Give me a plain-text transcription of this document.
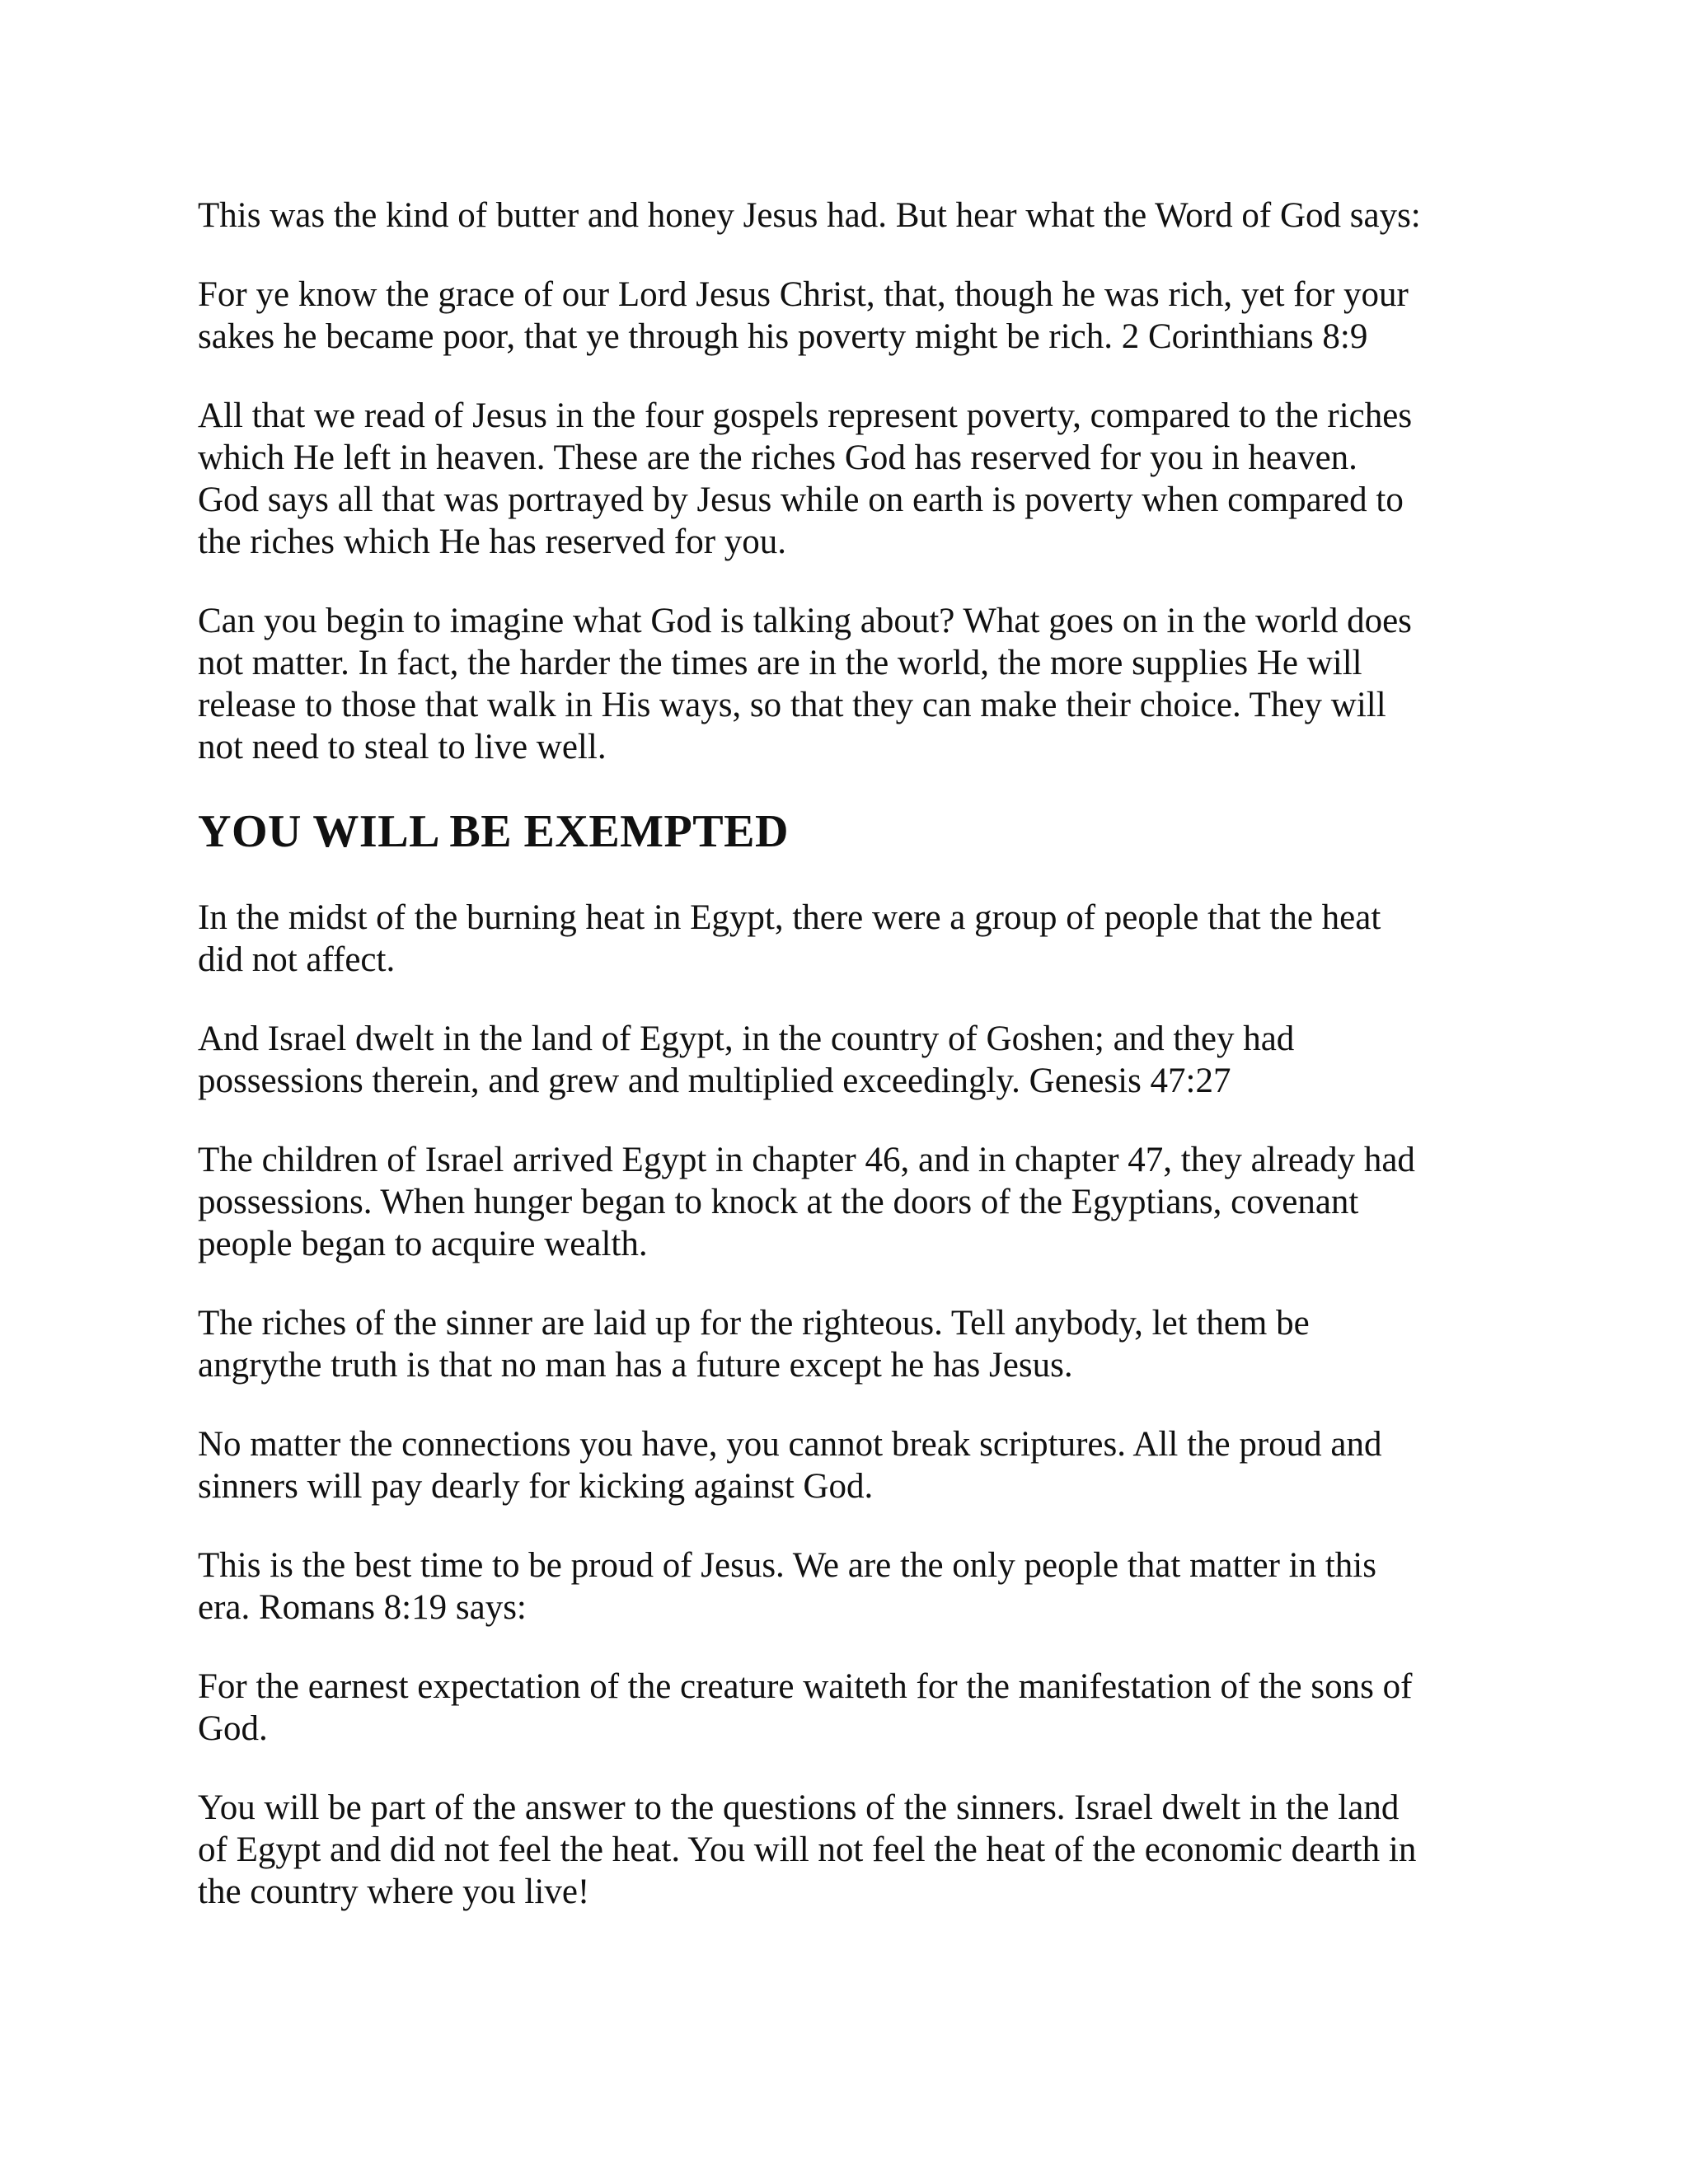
This was the kind of butter and honey Jesus had. But hear what the Word of God says:

For ye know the grace of our Lord Jesus Christ, that, though he was rich, yet for your
sakes he became poor, that ye through his poverty might be rich. 2 Corinthians 8:9

All that we read of Jesus in the four gospels represent poverty, compared to the riches
which He left in heaven. These are the riches God has reserved for you in heaven.
God says all that was portrayed by Jesus while on earth is poverty when compared to
the riches which He has reserved for you.

Can you begin to imagine what God is talking about? What goes on in the world does
not matter. In fact, the harder the times are in the world, the more supplies He will
release to those that walk in His ways, so that they can make their choice. They will
not need to steal to live well.

YOU WILL BE EXEMPTED

In the midst of the burning heat in Egypt, there were a group of people that the heat
did not affect.

And Israel dwelt in the land of Egypt, in the country of Goshen; and they had
possessions therein, and grew and multiplied exceedingly. Genesis 47:27

The children of Israel arrived Egypt in chapter 46, and in chapter 47, they already had
possessions. When hunger began to knock at the doors of the Egyptians, covenant
people began to acquire wealth.

The riches of the sinner are laid up for the righteous. Tell anybody, let them be
angrythe truth is that no man has a future except he has Jesus.

No matter the connections you have, you cannot break scriptures. All the proud and
sinners will pay dearly for kicking against God.

This is the best time to be proud of Jesus. We are the only people that matter in this
era. Romans 8:19 says:

For the earnest expectation of the creature waiteth for the manifestation of the sons of
God.

You will be part of the answer to the questions of the sinners. Israel dwelt in the land
of Egypt and did not feel the heat. You will not feel the heat of the economic dearth in
the country where you live!
